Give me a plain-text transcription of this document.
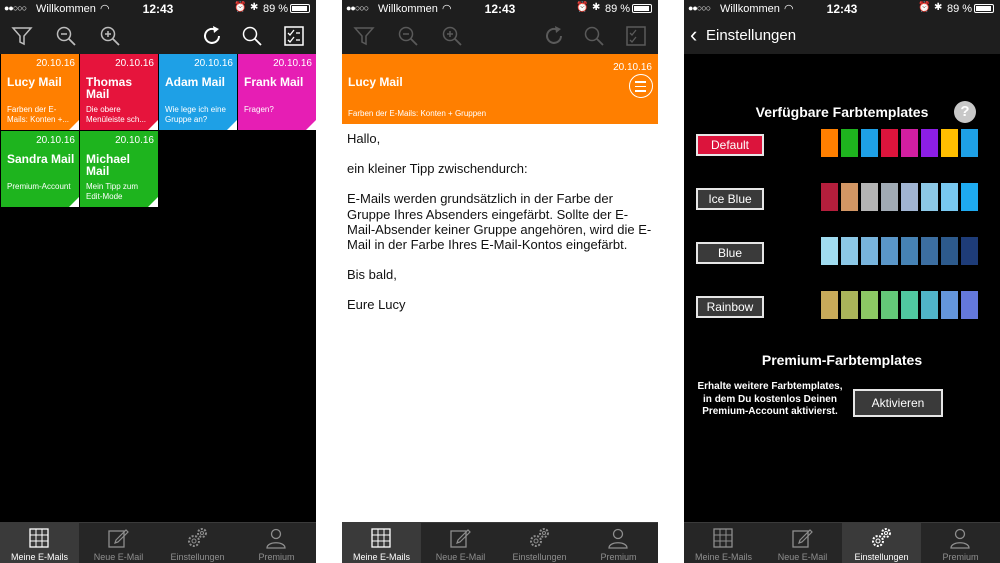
●●○○○ Willkommen ◠	12:43	⏰ ✱ 89 %
20.10.16
Lucy Mail
Farben der E-Mails: Konten +...
20.10.16
Thomas Mail
Die obere Menüleiste sch...
20.10.16
Adam Mail
Wie lege ich eine Gruppe an?
20.10.16
Frank Mail
Fragen?
20.10.16
Sandra Mail
Premium-Account
20.10.16
Michael Mail
Mein Tipp zum Edit-Mode
Meine E-Mails	Neue E-Mail	Einstellungen	Premium
●●○○○ Willkommen ◠	12:43	⏰ ✱ 89 %
20.10.16
Lucy Mail
Farben der E-Mails: Konten + Gruppen

Hallo,

ein kleiner Tipp zwischendurch:

E-Mails werden grundsätzlich in der Farbe der Gruppe Ihres Absenders eingefärbt. Sollte der E-Mail-Absender keiner Gruppe angehören, wird die E-Mail in der Farbe Ihres E-Mail-Kontos eingefärbt.

Bis bald,

Eure Lucy

Meine E-Mails	Neue E-Mail	Einstellungen	Premium
●●○○○ Willkommen ◠	12:43	⏰ ✱ 89 %
‹ Einstellungen
Verfügbare Farbtemplates	?
Default
Ice Blue
Blue
Rainbow
Premium-Farbtemplates
Erhalte weitere Farbtemplates, in dem Du kostenlos Deinen Premium-Account aktivierst.
Aktivieren
Meine E-Mails	Neue E-Mail	Einstellungen	Premium
